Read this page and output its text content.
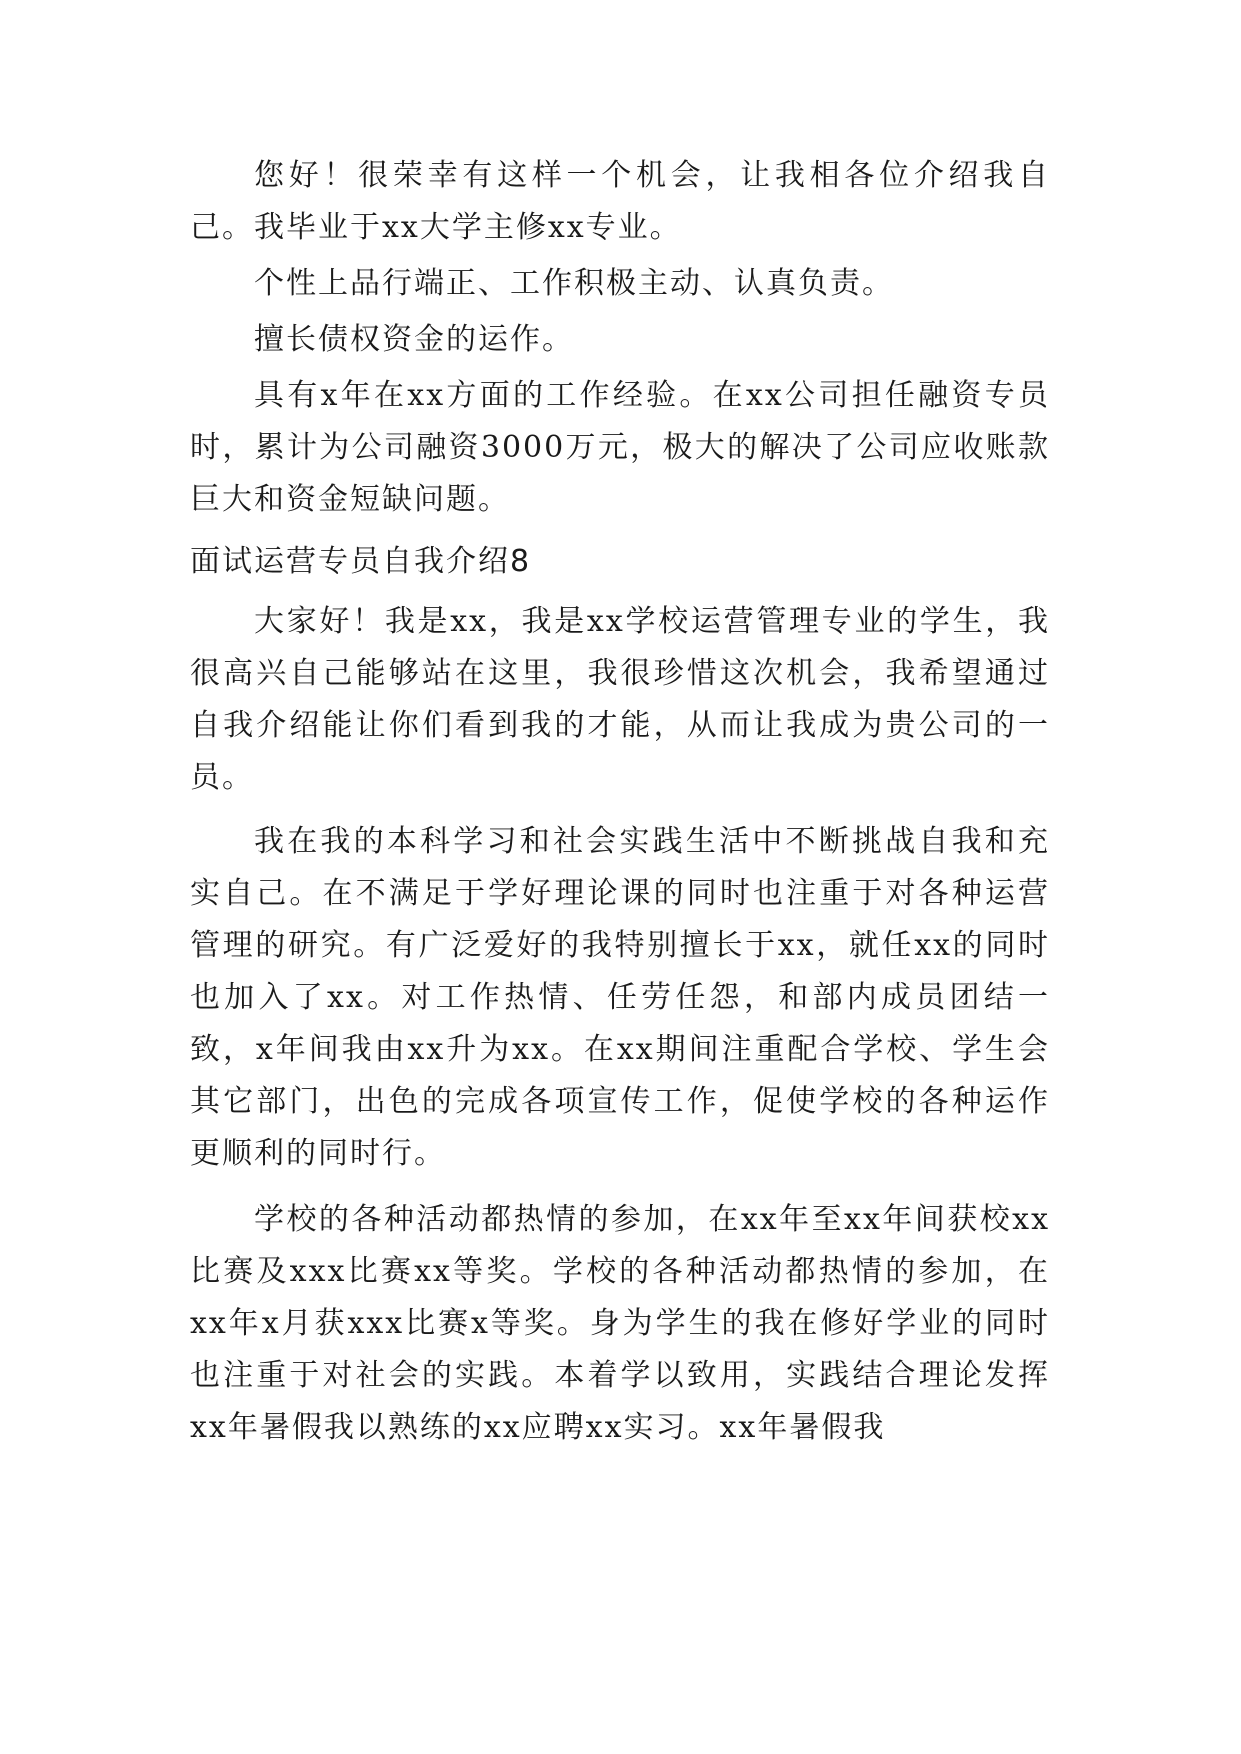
您好！很荣幸有这样一个机会，让我相各位介绍我自己。我毕业于xx大学主修xx专业。

个性上品行端正、工作积极主动、认真负责。

擅长债权资金的运作。

具有x年在xx方面的工作经验。在xx公司担任融资专员时，累计为公司融资3000万元，极大的解决了公司应收账款巨大和资金短缺问题。

面试运营专员自我介绍8

大家好！我是xx，我是xx学校运营管理专业的学生，我很高兴自己能够站在这里，我很珍惜这次机会，我希望通过自我介绍能让你们看到我的才能，从而让我成为贵公司的一员。

我在我的本科学习和社会实践生活中不断挑战自我和充实自己。在不满足于学好理论课的同时也注重于对各种运营管理的研究。有广泛爱好的我特别擅长于xx，就任xx的同时也加入了xx。对工作热情、任劳任怨，和部内成员团结一致，x年间我由xx升为xx。在xx期间注重配合学校、学生会其它部门，出色的完成各项宣传工作，促使学校的各种运作更顺利的同时行。

学校的各种活动都热情的参加，在xx年至xx年间获校xx比赛及xxx比赛xx等奖。学校的各种活动都热情的参加，在xx年x月获xxx比赛x等奖。身为学生的我在修好学业的同时也注重于对社会的实践。本着学以致用，实践结合理论发挥xx年暑假我以熟练的xx应聘xx实习。xx年暑假我
